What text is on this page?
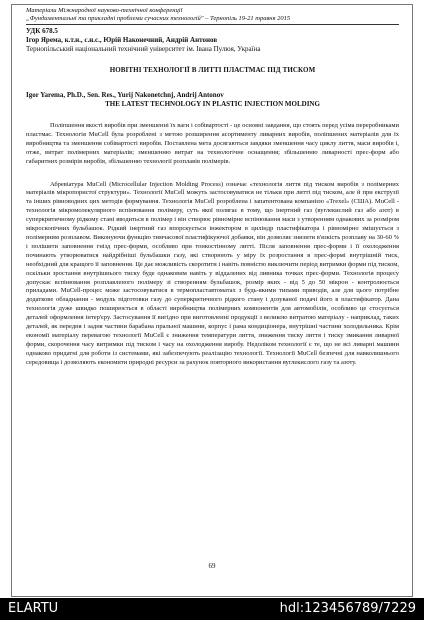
Матеріали Міжнародної науково-технічної конференції
„Фундаментальні та прикладні проблеми сучасних технологій" – Тернопіль 19-21 травня 2015
УДК 678.5
Ігор Ярема, к.т.н., с.н.с., Юрій Наконечний, Андрій Антонов
Тернопільський національний технічний університет ім. Івана Пулюя, Україна
НОВІТНІ ТЕХНОЛОГІЇ В ЛИТТІ ПЛАСТМАС ПІД ТИСКОМ
Igor Yarema, Ph.D., Sen. Res., Yurij Nakonetchnj, Andrij Antonov
THE LATEST TECHNOLOGY IN PLASTIC INJECTION MOLDING

Поліпшення якості виробів при зменшенні їх ваги і собівартості - це основні завдання, що стоять перед усіма переробниками пластмас. Технологія MuCell була розроблені з метою розширення асортименту ливарних виробів, поліпшених матеріалів для їх виробництва та зменшення собівартості виробів. Поставлена мета досягаються завдяки зменшення часу циклу лиття, маси виробів і, отже, витрат полімерних матеріалів; зменшенню витрат на технологічне оснащення; збільшенню ливарності прес-форм або габаритних розмірів виробів, збільшенню технології розплавів полімерів.

Абревіатура MuCell (Microcellular Injection Molding Process) означає «технологія лиття під тиском виробів з полімерних матеріалів мікропористої структури». Технології MuCell можуть застосовуватися не тільки при литті під тиском, але й при екструзії та інших рівноводних цих методів формування. Технологія MuCell розроблена і запатентована компанією «Trexel» (США). MuCell - технологія мікромолекулярного вспінювання полімеру, суть якої полягає в тому, що інертний газ (вуглекислий газ або азот) в суперкритичному рідкому стані вводиться в полімер і він створює рівномірне вспінювання маси з утворенням однакових за розміром мікроскопічних бульбашок. Рідкий інертний газ впорскується інжектором в циліндр пластифікатора і рівномірно змішується з полімерним розплавом. Виконуючи функцію тимчасової пластифікуючої добавки, він дозволяє знизити в'язкість розплаву на 30-60 % і полішити заповнення гнізд прес-форми, особливо при тонкостінному литті. Після заповнення прес-форми і її охолодження починають утворюватися найдрібніші бульбашки газу, які створюють у міру їх розростання в прес-формі внутрішній тиск, необхідний для кращого її заповнення. Це дає можливість скоротити і навіть повністю виключити період витримки форми під тиском, оскільки зростання внутрішнього тиску буде однаковим навіть у віддалених від ливника точках прес-форми. Технологія процесу допускає вспінювання розплавленого полімеру зі створенням бульбашок, розмір яких - від 5 до 50 мікрон - контролюється приладами. MuCell-процес може застосовуватися в термопластавтоматах з будь-якими типами приводів, але для цього потрібне додаткове обладнання - модуль підготовки газу до суперкритичного рідкого стану і дозуваної подачі його в пластифікатор. Дана технологія дуже швидко поширюється в області виробництва полімерних компонентів для автомобілів, особливо це стосується деталей оформлення інтер'єру. Застосування її вигідно при виготовленні продукції з великою витратою матеріалу - наприклад, таких деталей, як передня і задня частини барабана пральної машини, корпус і рама кондиціонера, внутрішні частини холодильника. Крім економії матеріалу перевагою технології MuCell є зниження температури лиття, зниження тиску лиття і тиску змикання ливарної форми, скорочення часу витримки під тиском і часу на охолодження виробу. Недоліком технології є те, що не всі ливарні машини однаково придатні для роботи із системами, які забезпечують реалізацію технології. Технології MuCell безпечні для навколишнього середовища і дозволяють економити природні ресурси за рахунок повторного використання вуглекислого газу та азоту.

69
ELARTU	hdl:123456789/7229
